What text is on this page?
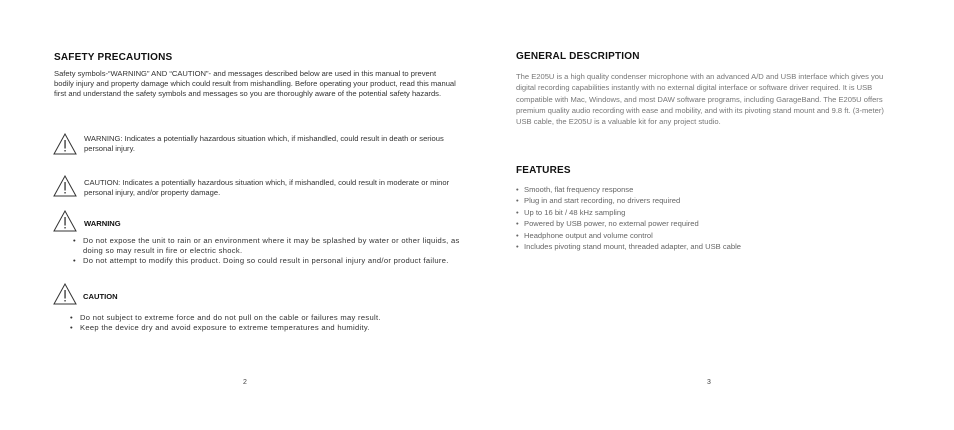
SAFETY PRECAUTIONS
Safety symbols-“WARNING” AND “CAUTION”- and messages described below are used in this manual to prevent bodily injury and property damage which could result from mishandling. Before operating your product, read this manual first and understand the safety symbols and messages so you are thoroughly aware of the potential safety hazards.
WARNING: Indicates a potentially hazardous situation which, if mishandled, could result in death or serious personal injury.
CAUTION: Indicates a potentially hazardous situation which, if mishandled, could result in moderate or minor personal injury, and/or property damage.
WARNING
• Do not expose the unit to rain or an environment where it may be splashed by water or other liquids, as doing so may result in fire or electric shock.
• Do not attempt to modify this product. Doing so could result in personal injury and/or product failure.
CAUTION
• Do not subject to extreme force and do not pull on the cable or failures may result.
• Keep the device dry and avoid exposure to extreme temperatures and humidity.
2
GENERAL DESCRIPTION
The E205U is a high quality condenser microphone with an advanced A/D and USB interface which gives you digital recording capabilities instantly with no external digital interface or software driver required. It is USB compatible with Mac, Windows, and most DAW software programs, including GarageBand. The E205U offers premium quality audio recording with ease and mobility, and with its pivoting stand mount and 9.8 ft. (3-meter) USB cable, the E205U is a valuable kit for any project studio.
FEATURES
• Smooth, flat frequency response
• Plug in and start recording, no drivers required
• Up to 16 bit / 48 kHz sampling
• Powered by USB power, no external power required
• Headphone output and volume control
• Includes pivoting stand mount, threaded adapter, and USB cable
3
